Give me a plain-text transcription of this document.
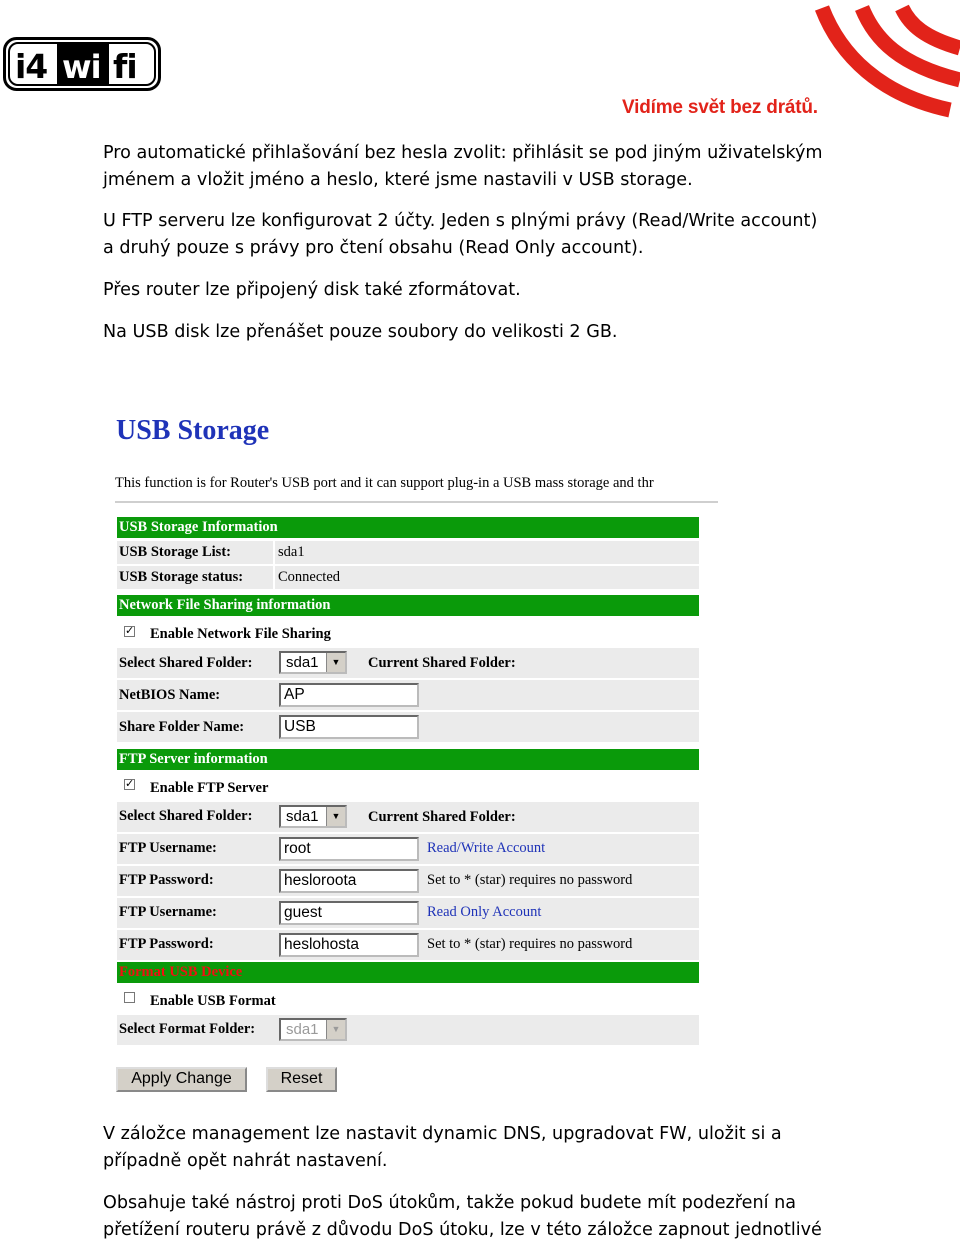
i4 wi fi
Vidíme svět bez drátů.
Pro automatické přihlašování bez hesla zvolit: přihlásit se pod jiným uživatelským
jménem a vložit jméno a heslo, které jsme nastavili v USB storage.
U FTP serveru lze konfigurovat 2 účty. Jeden s plnými právy (Read/Write account)
a druhý pouze s právy pro čtení obsahu (Read Only account).
Přes router lze připojený disk také zformátovat.
Na USB disk lze přenášet pouze soubory do velikosti 2 GB.
USB Storage
This function is for Router's USB port and it can support plug-in a USB mass storage and thr
USB Storage Information
USB Storage List:	sda1
USB Storage status: Connected
Network File Sharing information
✓ Enable Network File Sharing
Select Shared Folder:	sda1	▼	Current Shared Folder:
NetBIOS Name:	AP
Share Folder Name:	USB
FTP Server information
✓ Enable FTP Server
Select Shared Folder:	sda1	▼	Current Shared Folder:
FTP Username:	root	Read/Write Account
FTP Password:	hesloroota	Set to * (star) requires no password
FTP Username:	guest	Read Only Account
FTP Password:	heslohosta	Set to * (star) requires no password
Format USB Device
Enable USB Format
Select Format Folder:	sda1	▼
Apply Change	Reset
V záložce management lze nastavit dynamic DNS, upgradovat FW, uložit si a
případně opět nahrát nastavení.
Obsahuje také nástroj proti DoS útokům, takže pokud budete mít podezření na
přetížení routeru právě z důvodu DoS útoku, lze v této záložce zapnout jednotlivé
